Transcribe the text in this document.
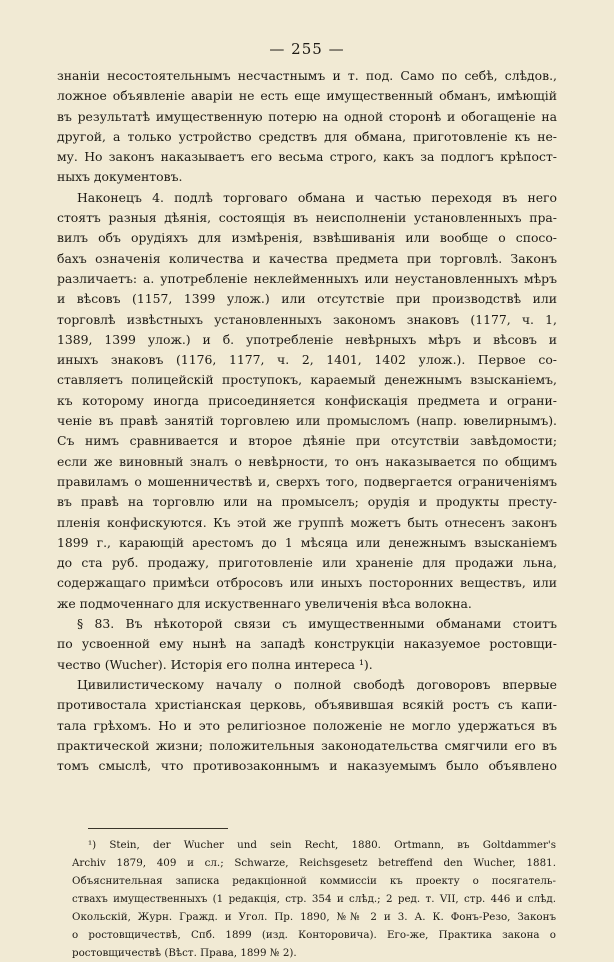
— 255 —
знаніи несостоятельнымъ несчастнымъ и т. под. Само по себѣ, слѣдов.,
ложное объявленіе аваріи не есть еще имущественный обманъ, имѣющій
въ результатѣ имущественную потерю на одной сторонѣ и обогащеніе на
другой, а только устройство средствъ для обмана, приготовленіе къ не-
му. Но законъ наказываетъ его весьма строго, какъ за подлогъ крѣпост-
ныхъ документовъ.
Наконецъ 4. подлѣ торговаго обмана и частью переходя въ него
стоятъ разныя дѣянія, состоящія въ неисполненіи установленныхъ пра-
вилъ объ орудіяхъ для измѣренія, взвѣшиванія или вообще о спосо-
бахъ означенія количества и качества предмета при торговлѣ. Законъ
различаетъ: а. употребленіе неклейменныхъ или неустановленныхъ мѣръ
и вѣсовъ (1157, 1399 улож.) или отсутствіе при производствѣ или
торговлѣ извѣстныхъ установленныхъ закономъ знаковъ (1177, ч. 1,
1389, 1399 улож.) и б. употребленіе невѣрныхъ мѣръ и вѣсовъ и
иныхъ знаковъ (1176, 1177, ч. 2, 1401, 1402 улож.). Первое со-
ставляетъ полицейскій проступокъ, караемый денежнымъ взысканіемъ,
къ которому иногда присоединяется конфискація предмета и ограни-
ченіе въ правѣ занятій торговлею или промысломъ (напр. ювелирнымъ).
Съ нимъ сравнивается и второе дѣяніе при отсутствіи завѣдомости;
если же виновный зналъ о невѣрности, то онъ наказывается по общимъ
правиламъ о мошенничествѣ и, сверхъ того, подвергается ограниченіямъ
въ правѣ на торговлю или на промыселъ; орудія и продукты престу-
пленія конфискуются. Къ этой же группѣ можетъ быть отнесенъ законъ
1899 г., карающій арестомъ до 1 мѣсяца или денежнымъ взысканіемъ
до ста руб. продажу, приготовленіе или храненіе для продажи льна,
содержащаго примѣси отбросовъ или иныхъ посторонних веществъ, или
же подмоченнаго для искуственнаго увеличенія вѣса волокна.
§ 83. Въ нѣкоторой связи съ имущественными обманами стоитъ
по усвоенной ему нынѣ на западѣ конструкціи наказуемое ростовщи-
чество (Wucher). Исторія его полна интереса ¹).
Цивилистическому началу о полной свободѣ договоровъ впервые
противостала христіанская церковь, объявившая всякій ростъ съ капи-
тала грѣхомъ. Но и это религіозное положеніе не могло удержаться въ
практической жизни; положительныя законодательства смягчили его въ
томъ смыслѣ, что противозаконнымъ и наказуемымъ было объявлено
¹) Stein, der Wucher und sein Recht, 1880. Ortmann, въ Goltdammer's
Archiv 1879, 409 и сл.; Schwarze, Reichsgesetz betreffend den Wucher, 1881.
Объяснительная записка редакціонной коммиссіи къ проекту о посягатель-
ствахъ имущественныхъ (1 редакція, стр. 354 и слѣд.; 2 ред. т. VII, стр. 446 и слѣд.
Окольскій, Журн. Гражд. и Угол. Пр. 1890, №№ 2 и 3. А. К. Фонъ-Резо, Законъ
о ростовщичествѣ, Спб. 1899 (изд. Конторовича). Его-же, Практика закона о
ростовщичествѣ (Вѣст. Права, 1899 № 2).
